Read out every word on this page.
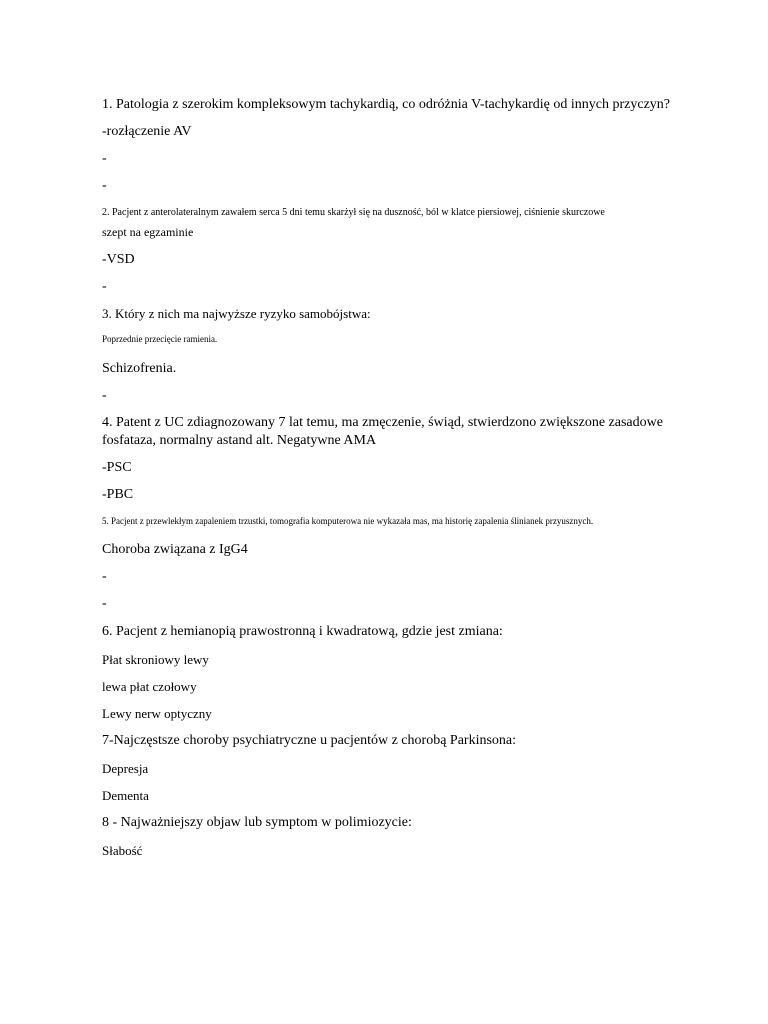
1. Patologia z szerokim kompleksowym tachykardią, co odróżnia V-tachykardię od innych przyczyn?
-rozłączenie AV
-
-
2. Pacjent z anterolateralnym zawałem serca 5 dni temu skarżył się na duszność, ból w klatce piersiowej, ciśnienie skurczowe
szept na egzaminie
-VSD
-
3. Który z nich ma najwyższe ryzyko samobójstwa:
Poprzednie przecięcie ramienia.
Schizofrenia.
-
4. Patent z UC zdiagnozowany 7 lat temu, ma zmęczenie, świąd, stwierdzono zwiększone zasadowe
fosfataza, normalny astand alt. Negatywne AMA
-PSC
-PBC
5. Pacjent z przewlekłym zapaleniem trzustki, tomografia komputerowa nie wykazała mas, ma historię zapalenia ślinianek przyusznych.
Choroba związana z IgG4
-
-
6. Pacjent z hemianopią prawostronną i kwadratową, gdzie jest zmiana:
Płat skroniowy lewy
lewa płat czołowy
Lewy nerw optyczny
7-Najczęstsze choroby psychiatryczne u pacjentów z chorobą Parkinsona:
Depresja
Dementa
8 - Najważniejszy objaw lub symptom w polimiozycie:
Słabość
